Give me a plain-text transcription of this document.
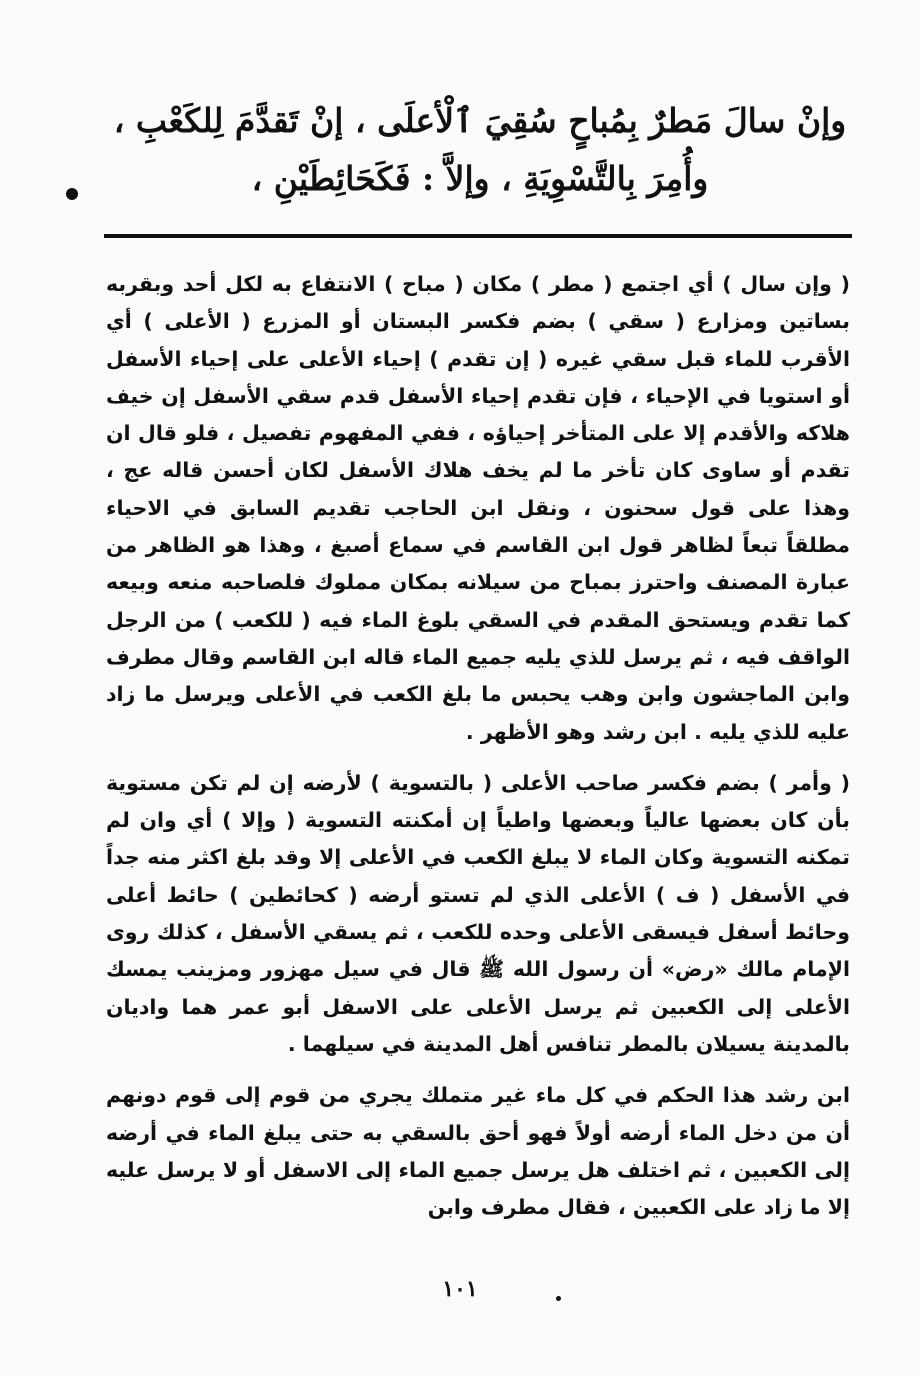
وإنْ سالَ مَطرٌ بِمُباحٍ سُقِيَ ٱلْأعلَى ، إنْ تَقدَّمَ لِلكَعْبِ ،
وأُمِرَ بِالتَّسْوِيَةِ ، وإلاَّ : فَكَحَائِطَيْنِ ،

( وإن سال ) أي اجتمع ( مطر ) مكان ( مباح ) الانتفاع به لكل أحد وبقربه بساتين ومزارع ( سقي ) بضم فكسر البستان أو المزرع ( الأعلى ) أي الأقرب للماء قبل سقي غيره ( إن تقدم ) إحياء الأعلى على إحياء الأسفل أو استويا في الإحياء ، فإن تقدم إحياء الأسفل قدم سقي الأسفل إن خيف هلاكه والأقدم إلا على المتأخر إحياؤه ، ففي المفهوم تفصيل ، فلو قال ان تقدم أو ساوى كان تأخر ما لم يخف هلاك الأسفل لكان أحسن قاله عج ، وهذا على قول سحنون ، ونقل ابن الحاجب تقديم السابق في الاحياء مطلقاً تبعاً لظاهر قول ابن القاسم في سماع أصبغ ، وهذا هو الظاهر من عبارة المصنف واحترز بمباح من سيلانه بمكان مملوك فلصاحبه منعه وبيعه كما تقدم ويستحق المقدم في السقي بلوغ الماء فيه ( للكعب ) من الرجل الواقف فيه ، ثم يرسل للذي يليه جميع الماء قاله ابن القاسم وقال مطرف وابن الماجشون وابن وهب يحبس ما بلغ الكعب في الأعلى ويرسل ما زاد عليه للذي يليه . ابن رشد وهو الأظهر .

( وأمر ) بضم فكسر صاحب الأعلى ( بالتسوية ) لأرضه إن لم تكن مستوية بأن كان بعضها عالياً وبعضها واطياً إن أمكنته التسوية ( وإلا ) أي وان لم تمكنه التسوية وكان الماء لا يبلغ الكعب في الأعلى إلا وقد بلغ اكثر منه جداً في الأسفل ( ف ) الأعلى الذي لم تستو أرضه ( كحائطين ) حائط أعلى وحائط أسفل فيسقى الأعلى وحده للكعب ، ثم يسقي الأسفل ، كذلك روى الإمام مالك «رض» أن رسول الله ﷺ قال في سيل مهزور ومزينب يمسك الأعلى إلى الكعبين ثم يرسل الأعلى على الاسفل أبو عمر هما واديان بالمدينة يسيلان بالمطر تنافس أهل المدينة في سيلهما .

ابن رشد هذا الحكم في كل ماء غير متملك يجري من قوم إلى قوم دونهم أن من دخل الماء أرضه أولاً فهو أحق بالسقي به حتى يبلغ الماء في أرضه إلى الكعبين ، ثم اختلف هل يرسل جميع الماء إلى الاسفل أو لا يرسل عليه إلا ما زاد على الكعبين ، فقال مطرف وابن

١٠١
